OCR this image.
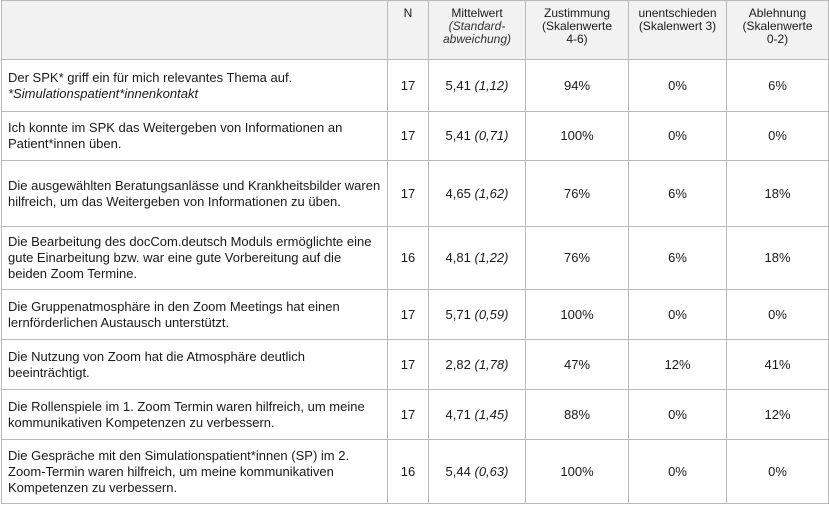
	N	Mittelwert
(Standard-
abweichung)	Zustimmung
(Skalenwerte
4-6)	unentschieden
(Skalenwert 3)	Ablehnung
(Skalenwerte
0-2)
Der SPK* griff ein für mich relevantes Thema auf.
*Simulationspatient*innenkontakt	17	5,41 (1,12)	94%	0%	6%
Ich konnte im SPK das Weitergeben von Informationen an Patient*innen üben.	17	5,41 (0,71)	100%	0%	0%
Die ausgewählten Beratungsanlässe und Krankheitsbilder waren hilfreich, um das Weitergeben von Informationen zu üben.	17	4,65 (1,62)	76%	6%	18%
Die Bearbeitung des docCom.deutsch Moduls ermöglichte eine gute Einarbeitung bzw. war eine gute Vorbereitung auf die beiden Zoom Termine.	16	4,81 (1,22)	76%	6%	18%
Die Gruppenatmosphäre in den Zoom Meetings hat einen lernförderlichen Austausch unterstützt.	17	5,71 (0,59)	100%	0%	0%
Die Nutzung von Zoom hat die Atmosphäre deutlich beeinträchtigt.	17	2,82 (1,78)	47%	12%	41%
Die Rollenspiele im 1. Zoom Termin waren hilfreich, um meine kommunikativen Kompetenzen zu verbessern.	17	4,71 (1,45)	88%	0%	12%
Die Gespräche mit den Simulationspatient*innen (SP) im 2. Zoom-Termin waren hilfreich, um meine kommunikativen Kompetenzen zu verbessern.	16	5,44 (0,63)	100%	0%	0%
